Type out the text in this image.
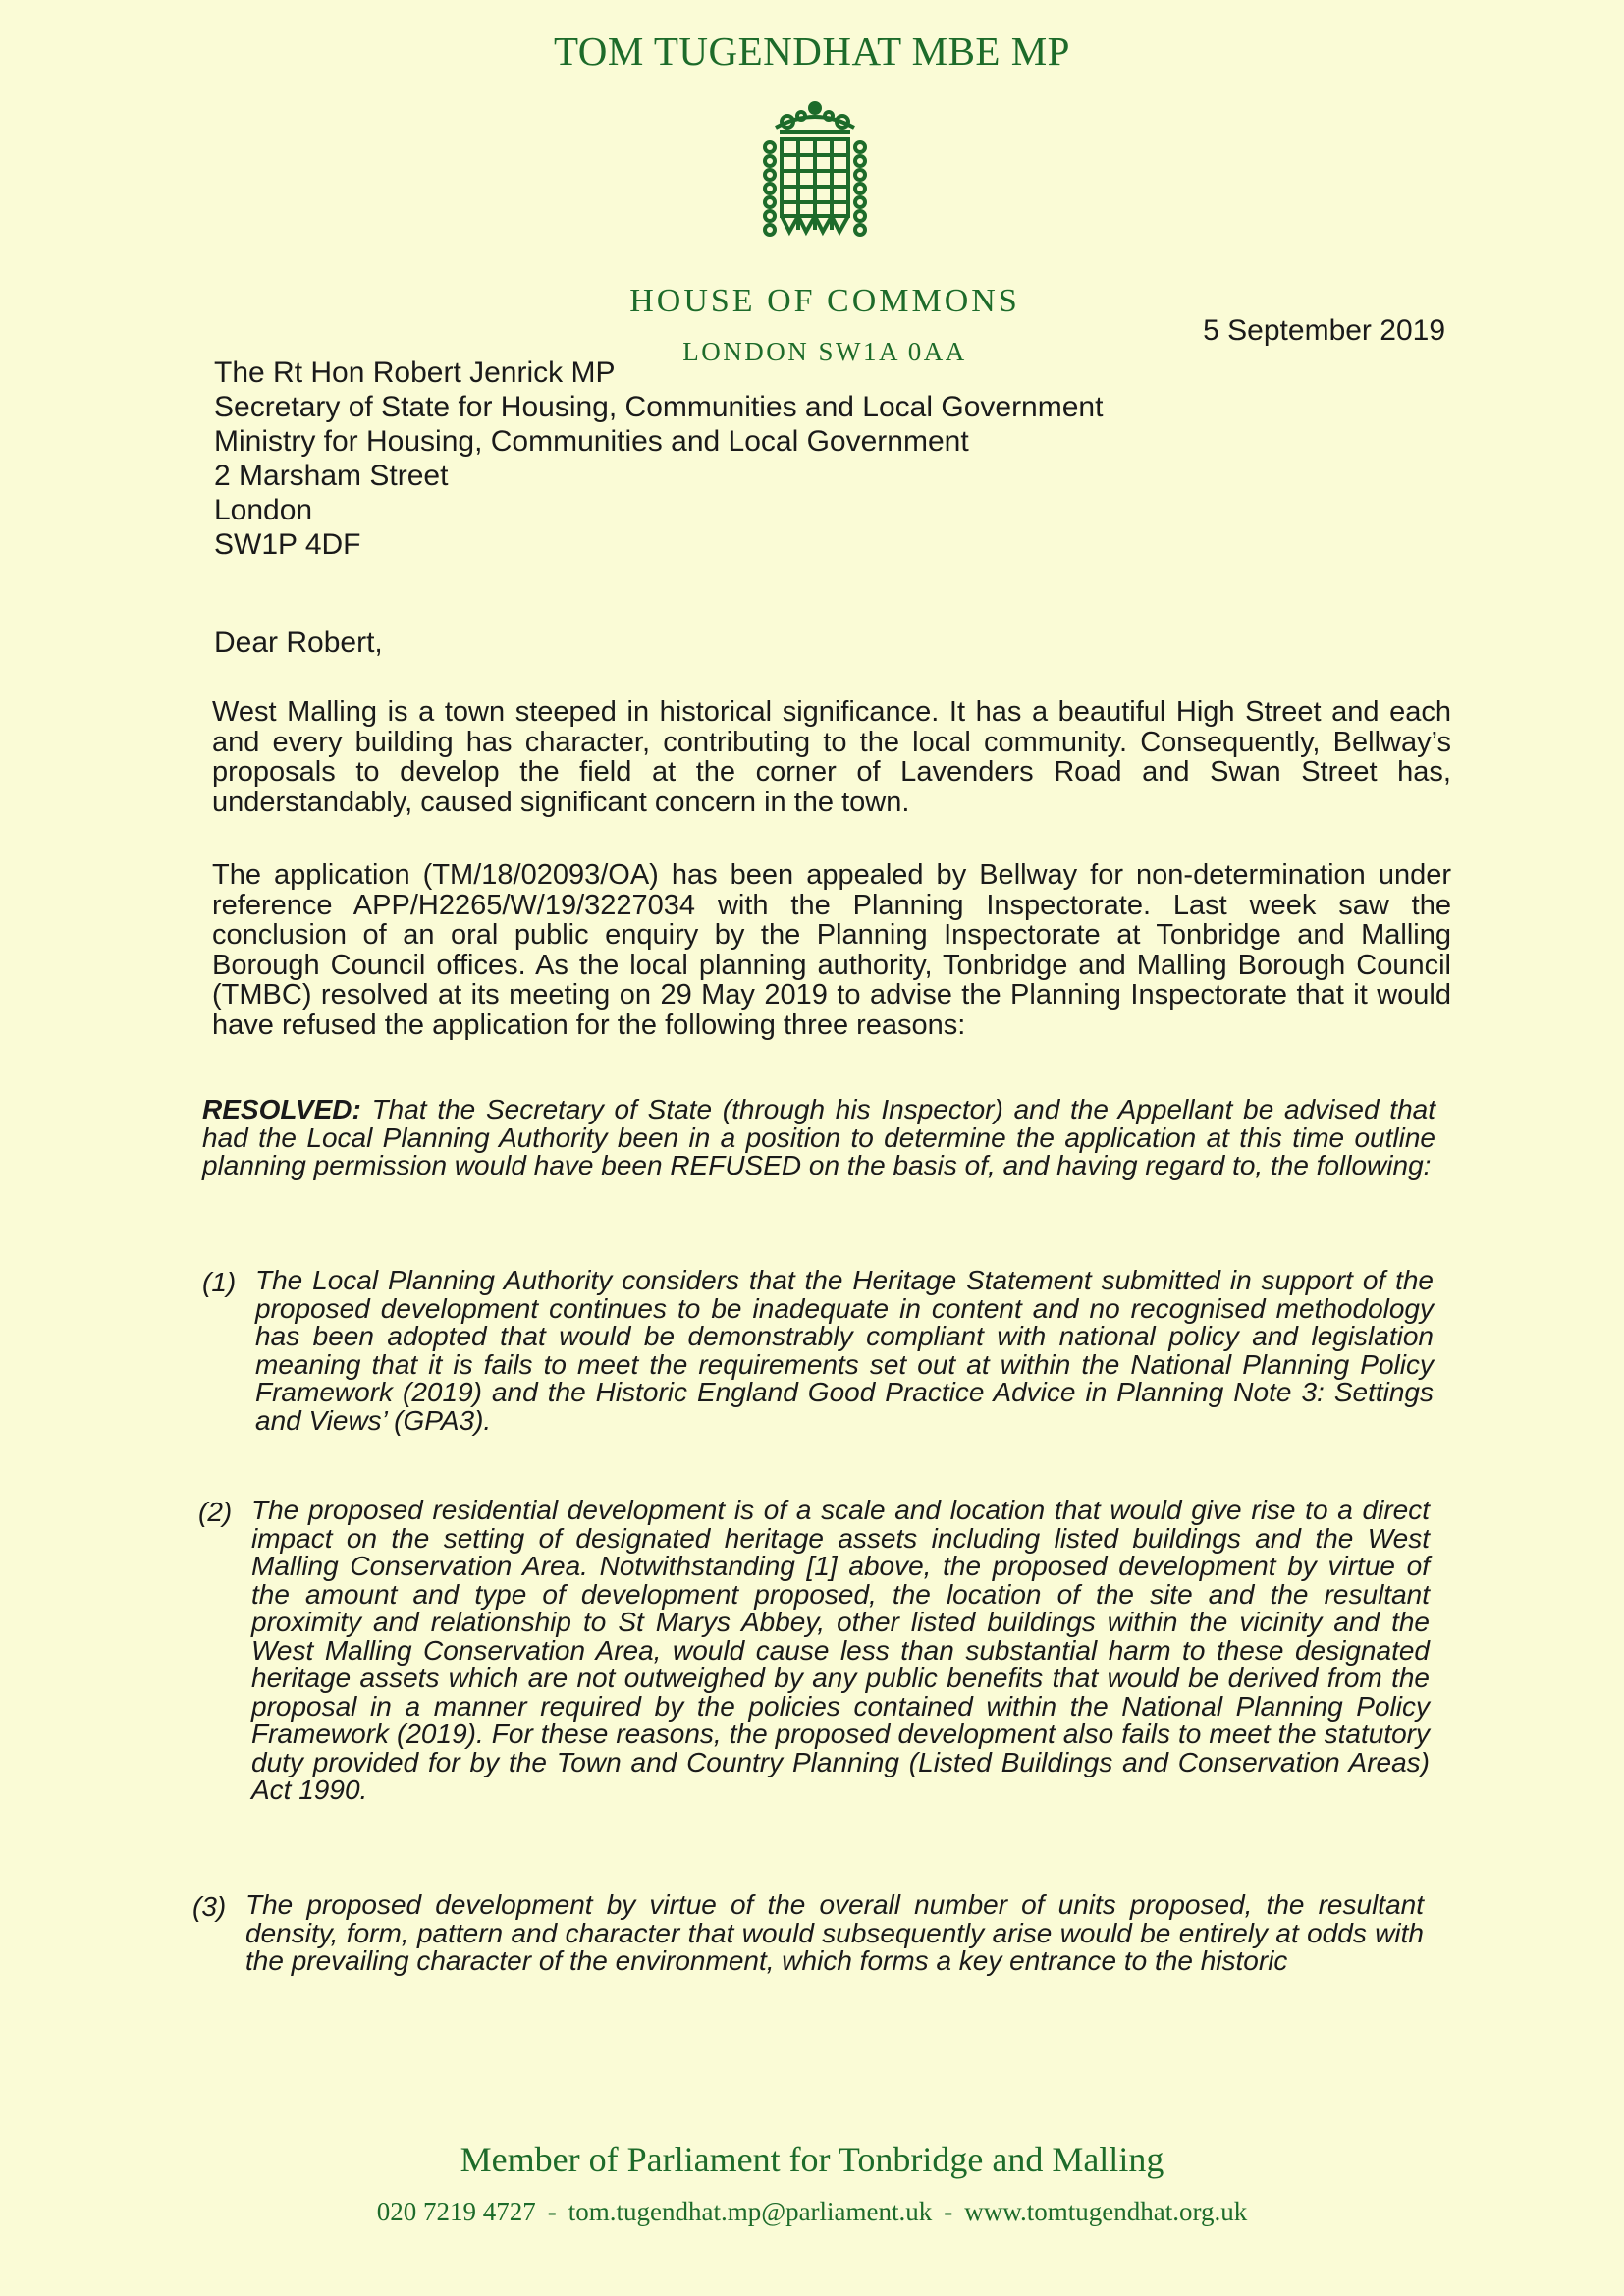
TOM TUGENDHAT MBE MP
HOUSE OF COMMONS
LONDON SW1A 0AA
5 September 2019
The Rt Hon Robert Jenrick MP
Secretary of State for Housing, Communities and Local Government
Ministry for Housing, Communities and Local Government
2 Marsham Street
London
SW1P 4DF
Dear Robert,
West Malling is a town steeped in historical significance. It has a beautiful High Street and each and every building has character, contributing to the local community. Consequently, Bellway’s proposals to develop the field at the corner of Lavenders Road and Swan Street has, understandably, caused significant concern in the town.
The application (TM/18/02093/OA) has been appealed by Bellway for non-determination under reference APP/H2265/W/19/3227034 with the Planning Inspectorate. Last week saw the conclusion of an oral public enquiry by the Planning Inspectorate at Tonbridge and Malling Borough Council offices. As the local planning authority, Tonbridge and Malling Borough Council (TMBC) resolved at its meeting on 29 May 2019 to advise the Planning Inspectorate that it would have refused the application for the following three reasons:
RESOLVED: That the Secretary of State (through his Inspector) and the Appellant be advised that had the Local Planning Authority been in a position to determine the application at this time outline planning permission would have been REFUSED on the basis of, and having regard to, the following:
(1) The Local Planning Authority considers that the Heritage Statement submitted in support of the proposed development continues to be inadequate in content and no recognised methodology has been adopted that would be demonstrably compliant with national policy and legislation meaning that it is fails to meet the requirements set out at within the National Planning Policy Framework (2019) and the Historic England Good Practice Advice in Planning Note 3: Settings and Views’ (GPA3).
(2) The proposed residential development is of a scale and location that would give rise to a direct impact on the setting of designated heritage assets including listed buildings and the West Malling Conservation Area. Notwithstanding [1] above, the proposed development by virtue of the amount and type of development proposed, the location of the site and the resultant proximity and relationship to St Marys Abbey, other listed buildings within the vicinity and the West Malling Conservation Area, would cause less than substantial harm to these designated heritage assets which are not outweighed by any public benefits that would be derived from the proposal in a manner required by the policies contained within the National Planning Policy Framework (2019). For these reasons, the proposed development also fails to meet the statutory duty provided for by the Town and Country Planning (Listed Buildings and Conservation Areas) Act 1990.
(3) The proposed development by virtue of the overall number of units proposed, the resultant density, form, pattern and character that would subsequently arise would be entirely at odds with the prevailing character of the environment, which forms a key entrance to the historic
Member of Parliament for Tonbridge and Malling
020 7219 4727 - tom.tugendhat.mp@parliament.uk - www.tomtugendhat.org.uk
